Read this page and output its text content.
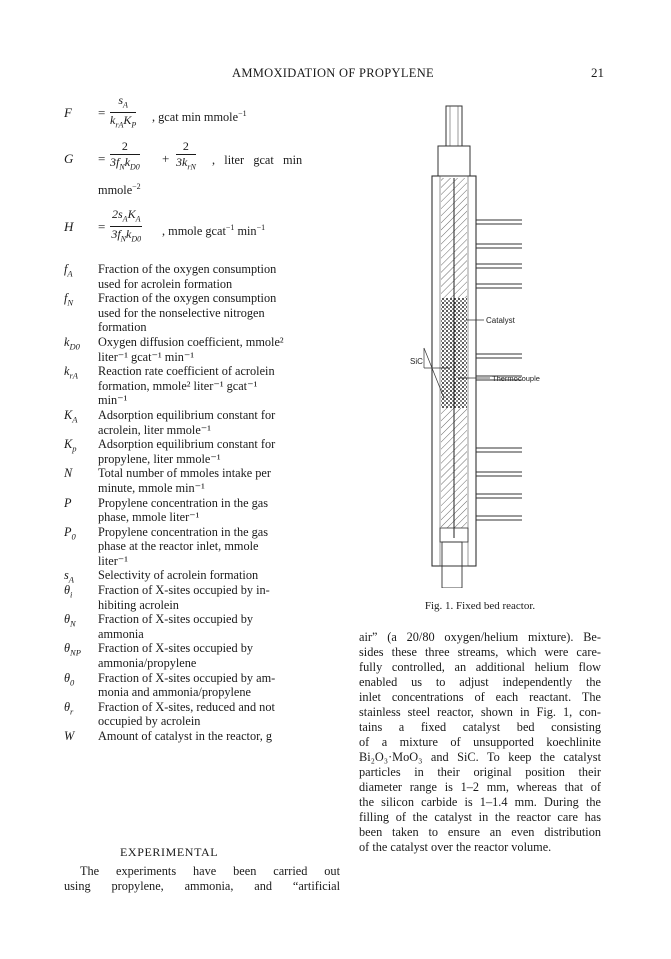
AMMOXIDATION OF PROPYLENE	21
F =
$s_A$
$k_{rA}K_P$
, gcat min mmole$^{-1}$
G =
2
$3f_Nk_{D0}$
+
2
$3k_{rN}$ ,   liter   gcat   min
mmole$^{-2}$
H =
$2s_AK_A$
$3f_Nk_{D0}$
, mmole gcat$^{-1}$ $\min^{-1}$
$f_A$ Fraction of the oxygen consumption
used for acrolein formation
$f_N$ Fraction of the oxygen consumption
used for the nonselective nitrogen
formation
$k_{D0}$ Oxygen diffusion coefficient, mmole²
liter⁻¹ gcat⁻¹ min⁻¹
$k_{rA}$ Reaction rate coefficient of acrolein
formation, mmole² liter⁻¹ gcat⁻¹
min⁻¹
$K_A$ Adsorption equilibrium constant for
acrolein, liter mmole⁻¹
$K_p$ Adsorption equilibrium constant for
propylene, liter mmole⁻¹
N Total number of mmoles intake per
minute, mmole min⁻¹
P Propylene concentration in the gas
phase, mmole liter⁻¹
$P_0$ Propylene concentration in the gas
phase at the reactor inlet, mmole
liter⁻¹
$s_A$ Selectivity of acrolein formation
$\theta_i$ Fraction of X-sites occupied by in-
hibiting acrolein
$\theta_N$ Fraction of X-sites occupied by
ammonia
$\theta_{NP}$ Fraction of X-sites occupied by
ammonia/propylene
$\theta_0$ Fraction of X-sites occupied by am-
monia and ammonia/propylene
$\theta_r$ Fraction of X-sites, reduced and not
occupied by acrolein
W Amount of catalyst in the reactor, g
EXPERIMENTAL
The experiments have been carried out
using propylene, ammonia, and “artificial
Catalyst
SiC
Thermocouple
Fig. 1. Fixed bed reactor.
air” (a 20/80 oxygen/helium mixture). Be-
sides these three streams, which were care-
fully controlled, an additional helium flow
enabled us to adjust independently the
inlet concentrations of each reactant. The
stainless steel reactor, shown in Fig. 1, con-
tains a fixed catalyst bed consisting
of a mixture of unsupported koechlinite
Bi₂O₃·MoO₃ and SiC. To keep the catalyst
particles in their original position their
diameter range is 1–2 mm, whereas that of
the silicon carbide is 1–1.4 mm. During the
filling of the catalyst in the reactor care has
been taken to ensure an even distribution
of the catalyst over the reactor volume.
